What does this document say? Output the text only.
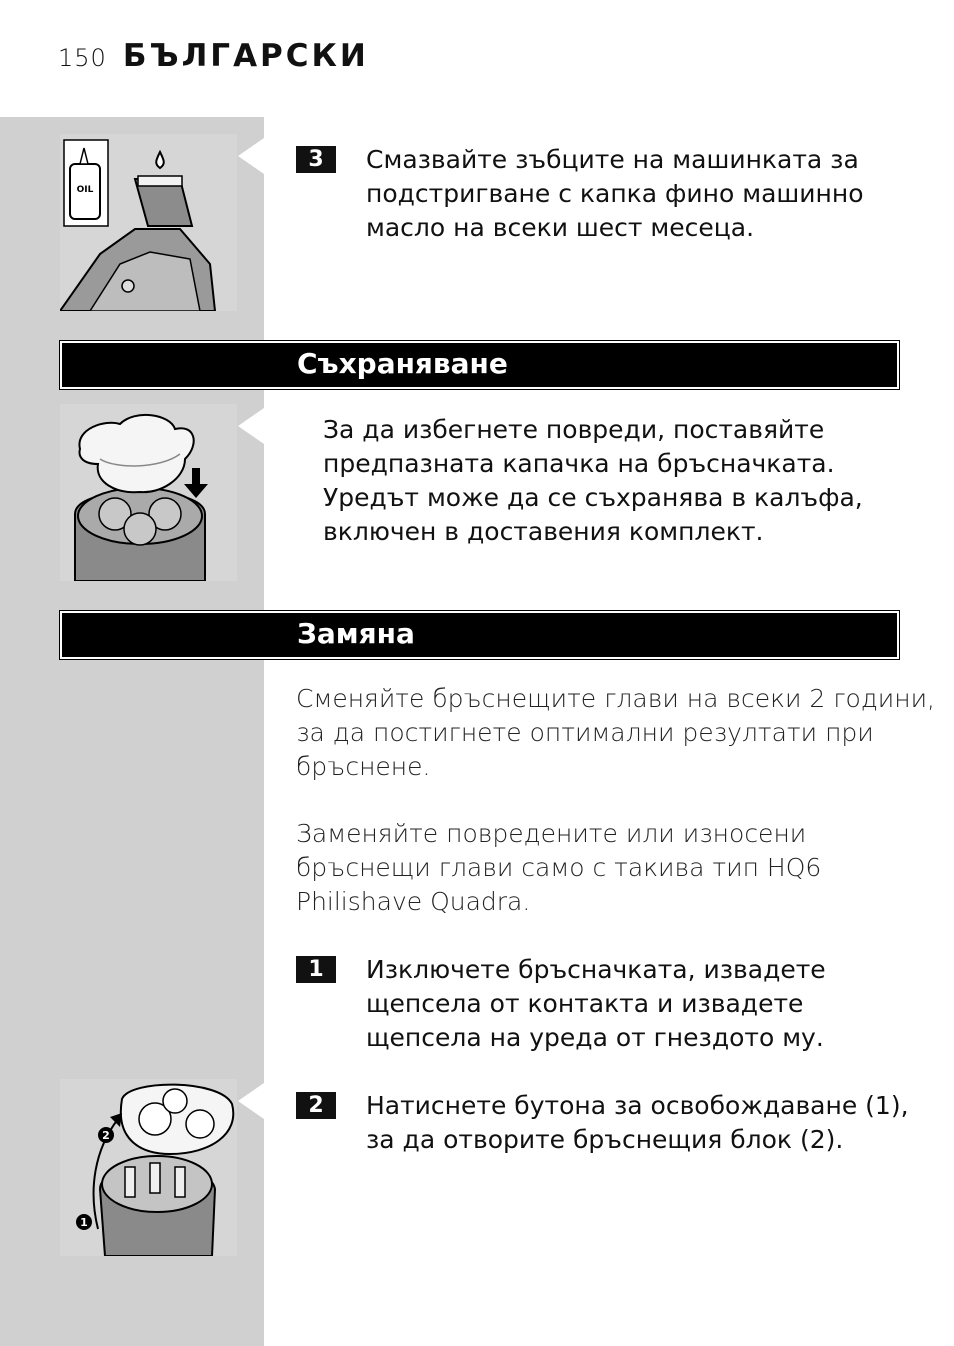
150 БЪЛГАРСКИ
OIL
3	Смазвайте зъбците на машинката за
подстригване с капка фино машинно
масло на всеки шест месеца.
Съхраняване
За да избегнете повреди, поставяйте
предпазната капачка на бръсначката.
Уредът може да се съхранява в калъфа,
включен в доставения комплект.
Замяна
Сменяйте бръснещите глави на всеки 2 години,
за да постигнете оптимални резултати при
бръснене.
Заменяйте повредените или износени
бръснещи глави само с такива тип HQ6
Philishave Quadra.
1	Изключете бръсначката, извадете
щепсела от контакта и извадете
щепсела на уреда от гнездото му.
2
1
2	Натиснете бутона за освобождаване (1),
за да отворите бръснещия блок (2).
